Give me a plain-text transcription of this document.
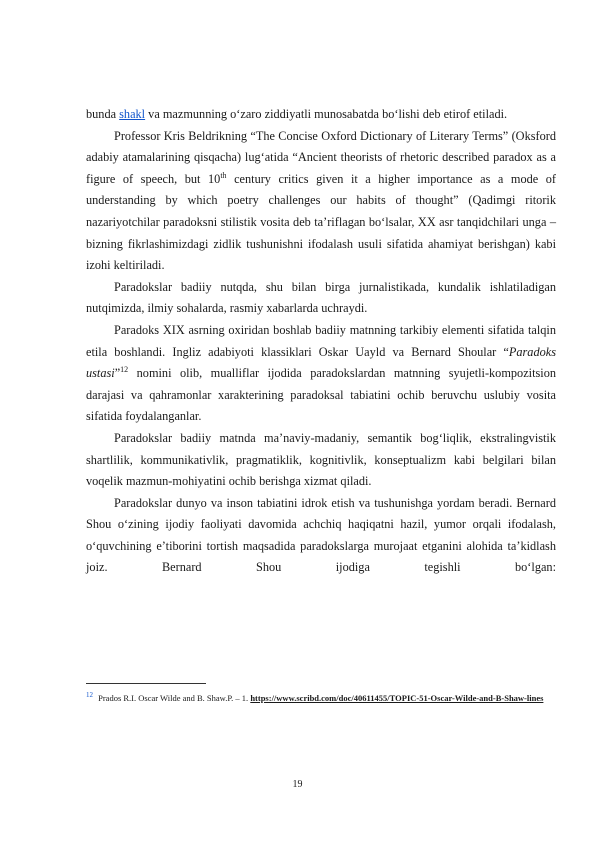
bunda shakl va mazmunning o‘zaro ziddiyatli munosabatda bo‘lishi deb etirof etiladi.

Professor Kris Beldrikning “The Concise Oxford Dictionary of Literary Terms” (Oksford adabiy atamalarining qisqacha) lug‘atida “Ancient theorists of rhetoric described paradox as a figure of speech, but 10th century critics given it a higher importance as a mode of understanding by which poetry challenges our habits of thought” (Qadimgi ritorik nazariyotchilar paradoksni stilistik vosita deb ta’riflagan bo‘lsalar, XX asr tanqidchilari unga – bizning fikrlashimizdagi zidlik tushunishni ifodalash usuli sifatida ahamiyat berishgan) kabi izohi keltiriladi.

Paradokslar badiiy nutqda, shu bilan birga jurnalistikada, kundalik ishlatiladigan nutqimizda, ilmiy sohalarda, rasmiy xabarlarda uchraydi.

Paradoks XIX asrning oxiridan boshlab badiiy matnning tarkibiy elementi sifatida talqin etila boshlandi. Ingliz adabiyoti klassiklari Oskar Uayld va Bernard Shoular “Paradoks ustasi”$^{12}$ nomini olib, mualliflar ijodida paradokslardan matnning syujetli-kompozitsion darajasi va qahramonlar xarakterining paradoksal tabiatini ochib beruvchu uslubiy vosita sifatida foydalanganlar.

Paradokslar badiiy matnda ma’naviy-madaniy, semantik bog‘liqlik, ekstralingvistik shartlilik, kommunikativlik, pragmatiklik, kognitivlik, konseptualizm kabi belgilari bilan voqelik mazmun-mohiyatini ochib berishga xizmat qiladi.

Paradokslar dunyo va inson tabiatini idrok etish va tushunishga yordam beradi. Bernard Shou o‘zining ijodiy faoliyati davomida achchiq haqiqatni hazil, yumor orqali ifodalash, o‘quvchining e’tiborini tortish maqsadida paradokslarga murojaat etganini alohida ta’kidlash joiz. Bernard Shou ijodiga tegishli bo‘lgan:

$^{12}$ Prados R.I. Oscar Wilde and B. Shaw.P. – 1. https://www.scribd.com/doc/40611455/TOPIC-51-Oscar-Wilde-and-B-Shaw-lines
19
